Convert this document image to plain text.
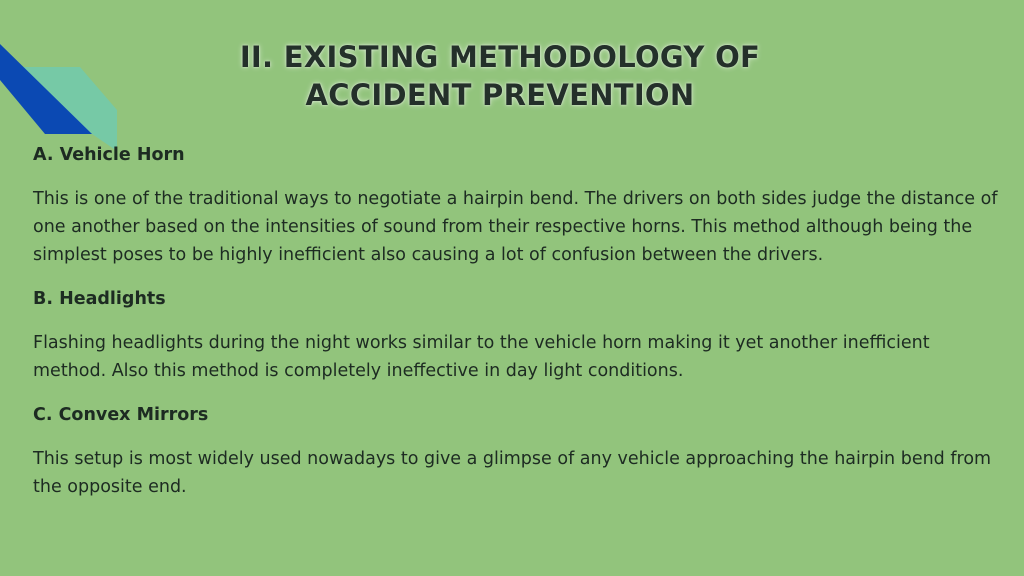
II. EXISTING METHODOLOGY OF
ACCIDENT PREVENTION

A. Vehicle Horn

This is one of the traditional ways to negotiate a hairpin bend. The drivers on both sides judge the distance of one another based on the intensities of sound from their respective horns. This method although being the simplest poses to be highly inefficient also causing a lot of confusion between the drivers.

B. Headlights

Flashing headlights during the night works similar to the vehicle horn making it yet another inefficient method. Also this method is completely ineffective in day light conditions.

C. Convex Mirrors

This setup is most widely used nowadays to give a glimpse of any vehicle approaching the hairpin bend from the opposite end.
